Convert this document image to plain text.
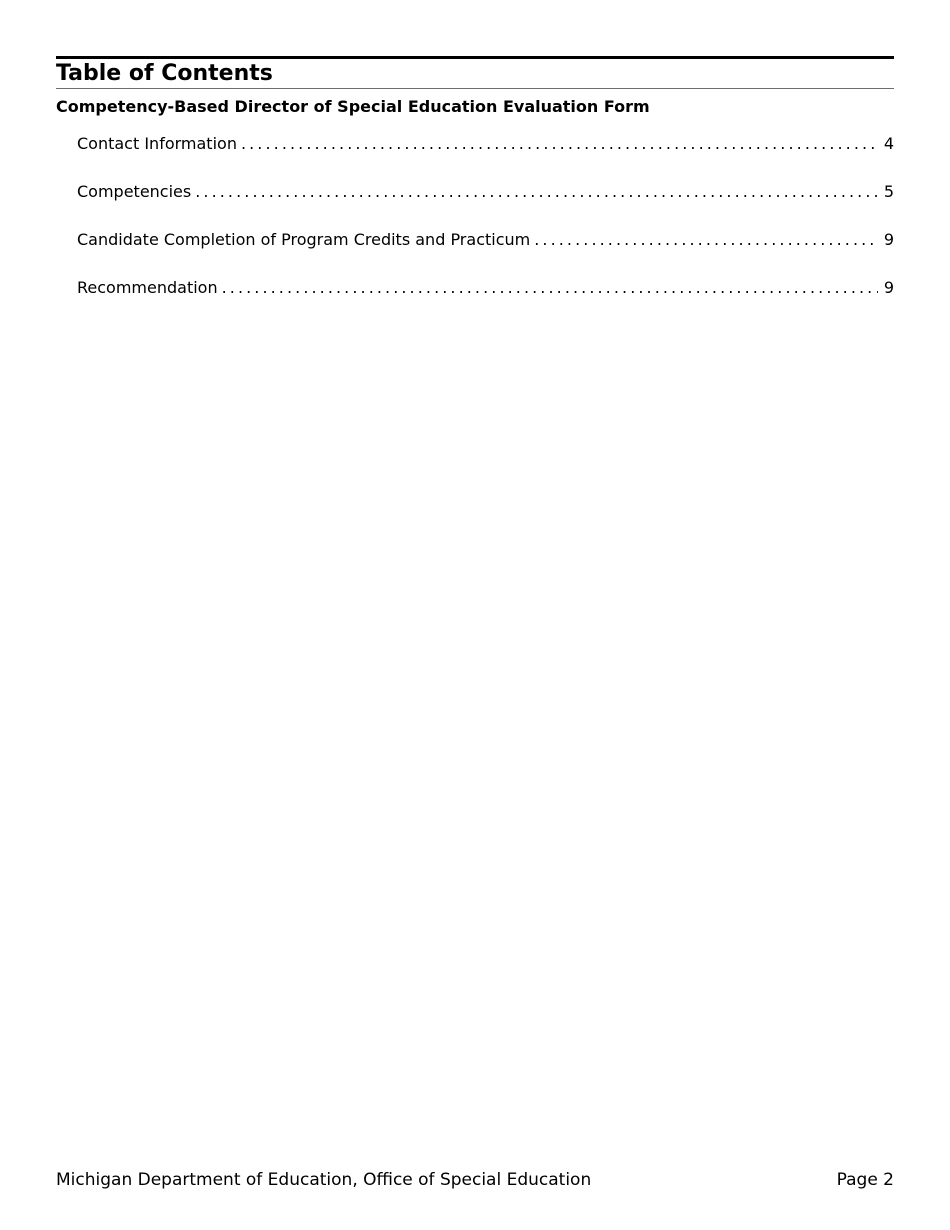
Table of Contents
Competency-Based Director of Special Education Evaluation Form
Contact Information . . .	4
Competencies . . .	5
Candidate Completion of Program Credits and Practicum . . .	9
Recommendation . . .	9
Michigan Department of Education, Office of Special Education	Page 2
